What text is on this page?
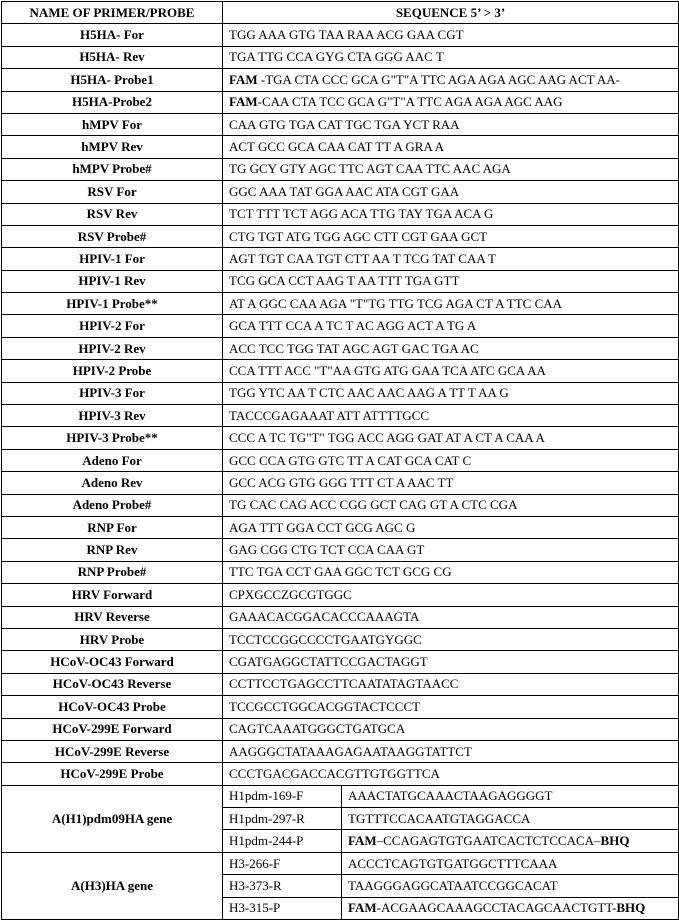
NAME OF PRIMER/PROBE	SEQUENCE 5’ > 3’	
H5HA- For	TGG AAA GTG TAA RAA ACG GAA CGT	
H5HA- Rev	TGA TTG CCA GYG CTA GGG AAC T	
H5HA- Probe1	FAM -TGA CTA CCC GCA G"T"A TTC AGA AGA AGC AAG ACT AA-	
H5HA-Probe2	FAM-CAA CTA TCC GCA G"T"A TTC AGA AGA AGC AAG	
hMPV For	CAA GTG TGA CAT TGC TGA YCT RAA	
hMPV Rev	ACT GCC GCA CAA CAT TT A GRA A	
hMPV Probe#	TG GCY GTY AGC TTC AGT CAA TTC AAC AGA	
RSV For	GGC AAA TAT GGA AAC ATA CGT GAA	
RSV Rev	TCT TTT TCT AGG ACA TTG TAY TGA ACA G	
RSV Probe#	CTG TGT ATG TGG AGC CTT CGT GAA GCT	
HPIV-1 For	AGT TGT CAA TGT CTT AA T TCG TAT CAA T	
HPIV-1 Rev	TCG GCA CCT AAG T AA TTT TGA GTT	
HPIV-1 Probe**	AT A GGC CAA AGA "T"TG TTG TCG AGA CT A TTC CAA	
HPIV-2 For	GCA TTT CCA A TC T AC AGG ACT A TG A	
HPIV-2 Rev	ACC TCC TGG TAT AGC AGT GAC TGA AC	
HPIV-2 Probe	CCA TTT ACC "T"AA GTG ATG GAA TCA ATC GCA AA	
HPIV-3 For	TGG YTC AA T CTC AAC AAC AAG A TT T AA G	
HPIV-3 Rev	TACCCGAGAAAT ATT ATTTTGCC	
HPIV-3 Probe**	CCC A TC TG"T" TGG ACC AGG GAT AT A CT A CAA A	
Adeno For	GCC CCA GTG GTC TT A CAT GCA CAT C	
Adeno Rev	GCC ACG GTG GGG TTT CT A AAC TT	
Adeno Probe#	TG CAC CAG ACC CGG GCT CAG GT A CTC CGA	
RNP For	AGA TTT GGA CCT GCG AGC G	
RNP Rev	GAG CGG CTG TCT CCA CAA GT	
RNP Probe#	TTC TGA CCT GAA GGC TCT GCG CG	
HRV Forward	CPXGCCZGCGTGGC	
HRV Reverse	GAAACACGGACACCCAAAGTA	
HRV Probe	TCCTCCGGCCCCTGAATGYGGC	
HCoV-OC43 Forward	CGATGAGGCTATTCCGACTAGGT	
HCoV-OC43 Reverse	CCTTCCTGAGCCTTCAATATAGTAACC	
HCoV-OC43 Probe	TCCGCCTGGCACGGTACTCCCT	
HCoV-299E Forward	CAGTCAAATGGGCTGATGCA	
HCoV-299E Reverse	AAGGGCTATAAAGAGAATAAGGTATTCT	
HCoV-299E Probe	CCCTGACGACCACGTTGTGGTTCA	
A(H1)pdm09HA gene	H1pdm-169-F	AAACTATGCAAACTAAGAGGGGT
	H1pdm-297-R	TGTTTCCACAATGTAGGACCA
	H1pdm-244-P	FAM–CCAGAGTGTGAATCACTCTCCACA–BHQ
A(H3)HA gene	H3-266-F	ACCCTCAGTGTGATGGCTTTCAAA
	H3-373-R	TAAGGGAGGCATAATCCGGCACAT
	H3-315-P	FAM-ACGAAGCAAAGCCTACAGCAACTGTT-BHQ
